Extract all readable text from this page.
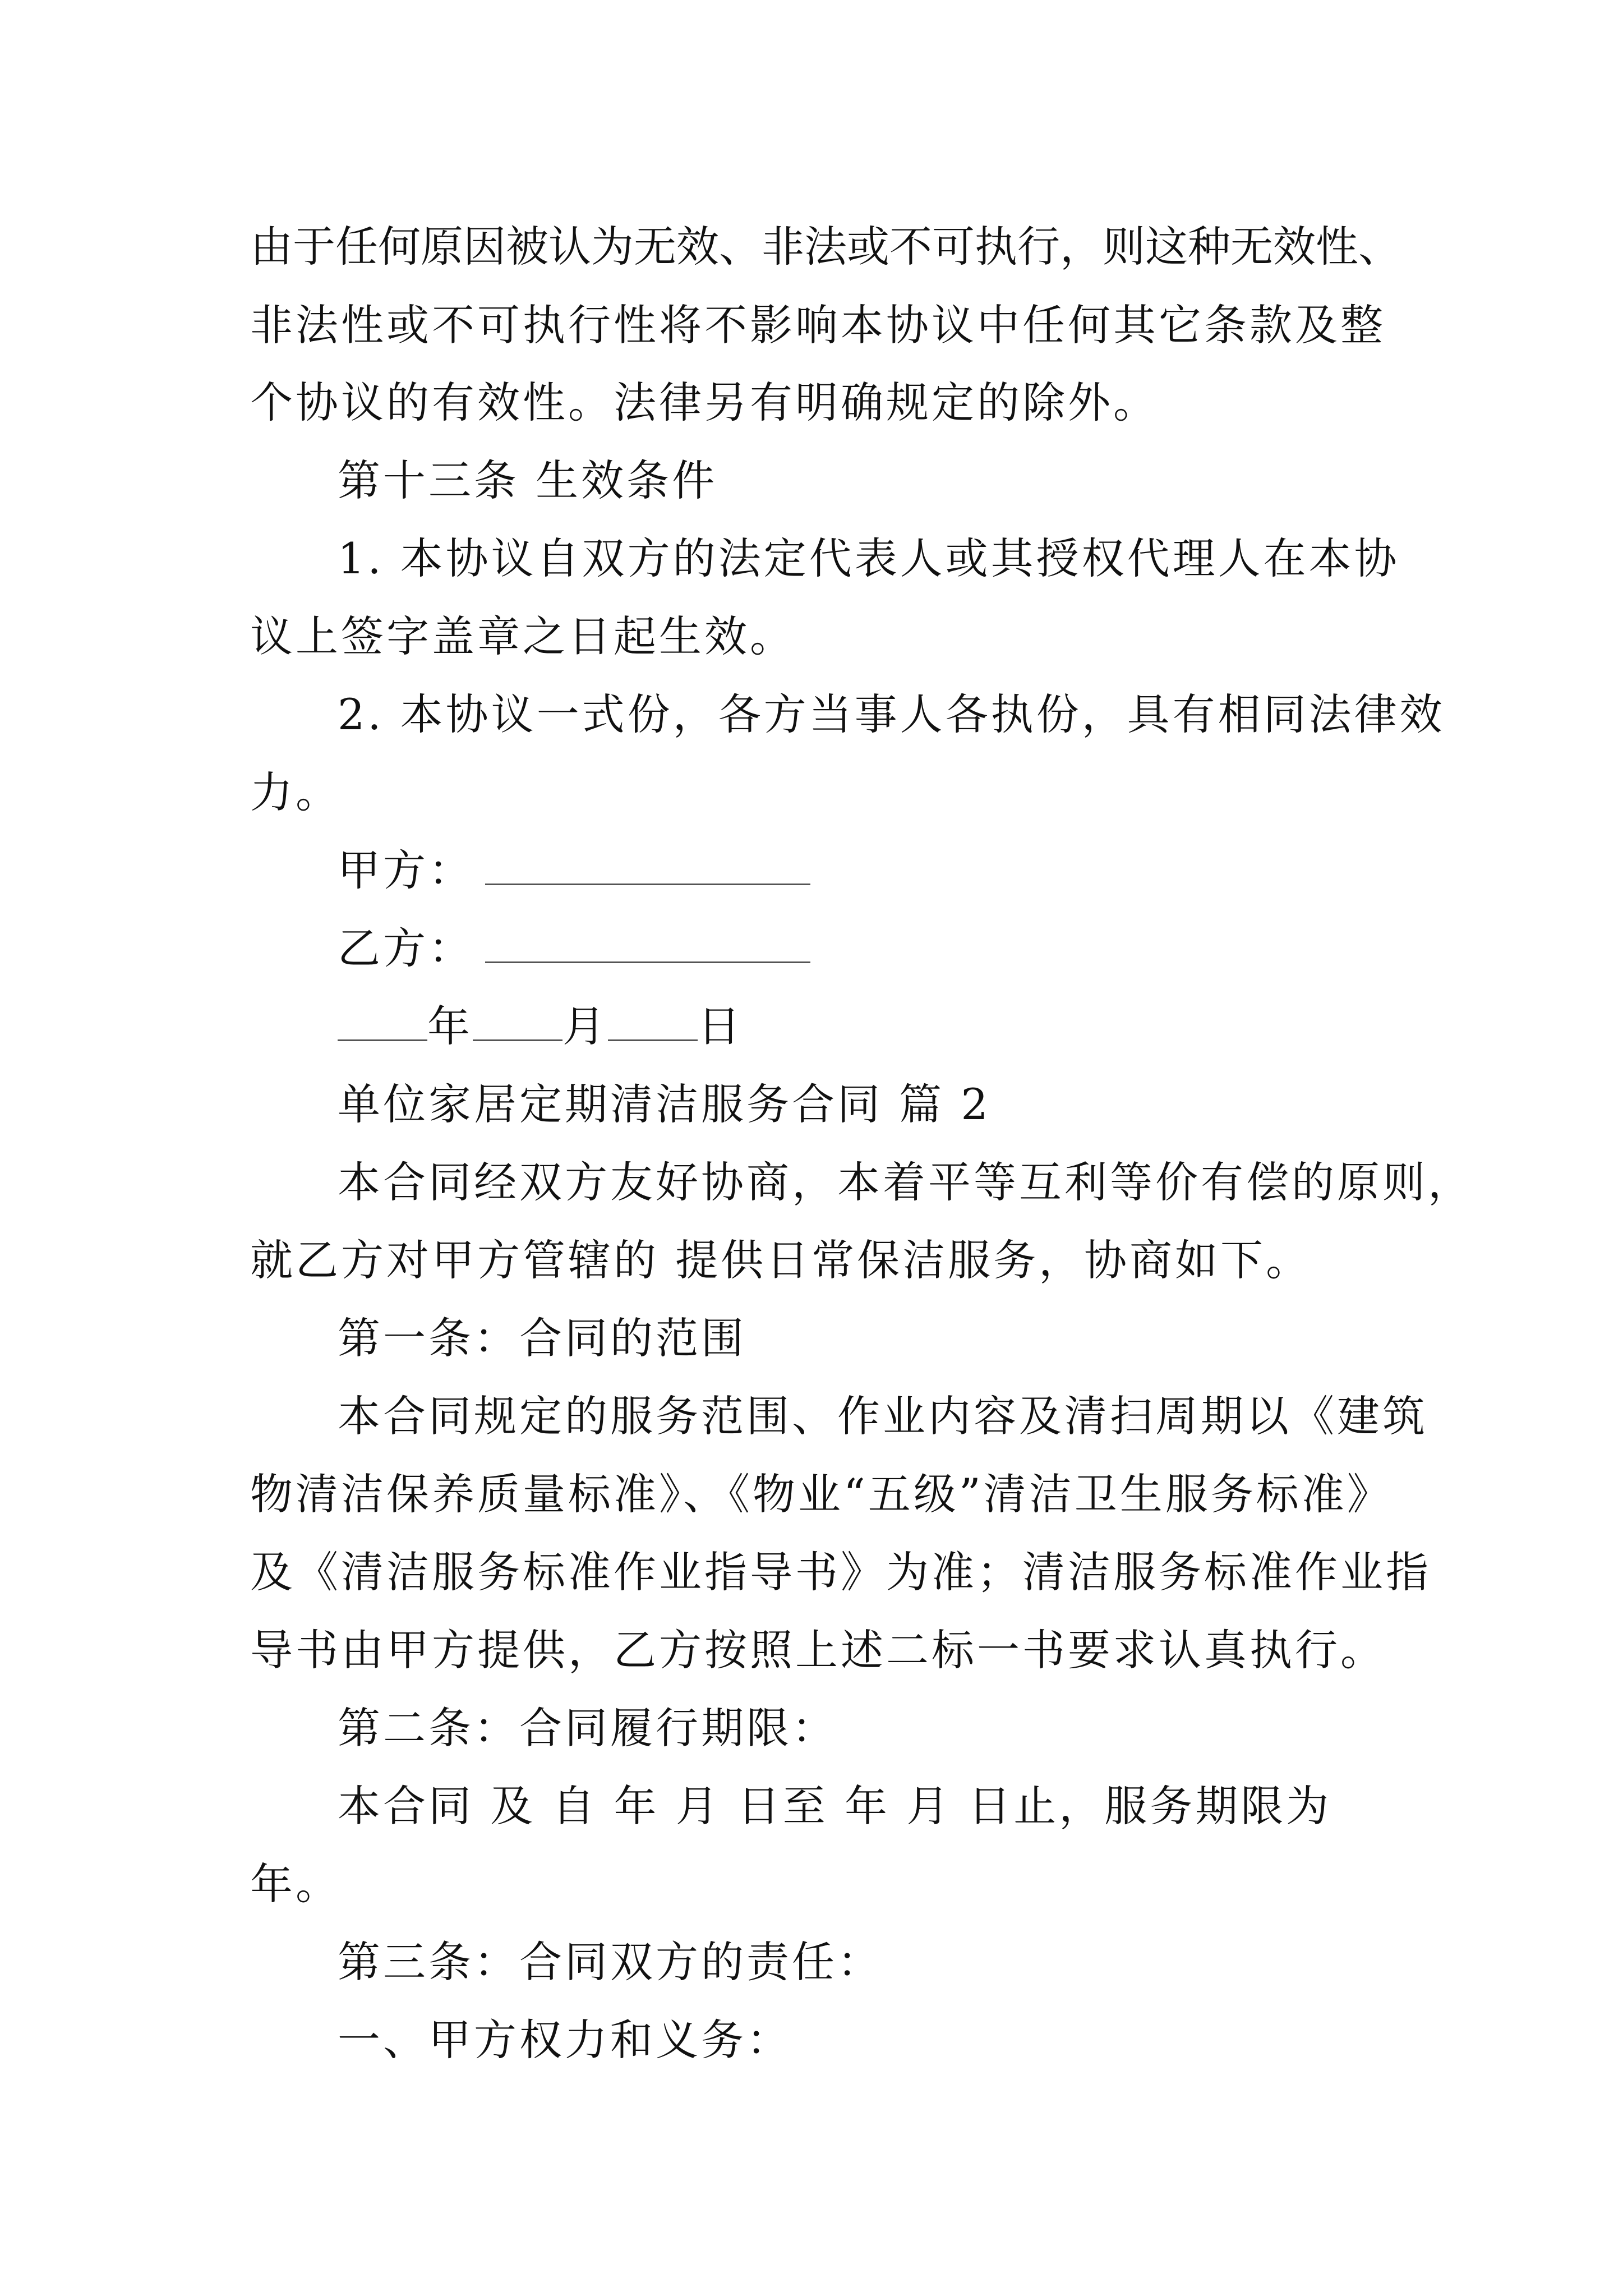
由于任何原因被认为无效、非法或不可执行，则这种无效性、
非法性或不可执行性将不影响本协议中任何其它条款及整
个协议的有效性。法律另有明确规定的除外。
第十三条 生效条件
1. 本协议自双方的法定代表人或其授权代理人在本协
议上签字盖章之日起生效。
2. 本协议一式份，各方当事人各执份，具有相同法律效
力。
甲方：
乙方：
年 月 日
单位家居定期清洁服务合同 篇 2
本合同经双方友好协商，本着平等互利等价有偿的原则，
就乙方对甲方管辖的 提供日常保洁服务，协商如下。
第一条：合同的范围
本合同规定的服务范围、作业内容及清扫周期以《建筑
物清洁保养质量标准》、《物业“五级”清洁卫生服务标准》
及《清洁服务标准作业指导书》为准；清洁服务标准作业指
导书由甲方提供，乙方按照上述二标一书要求认真执行。
第二条：合同履行期限：
本合同 及 自 年 月 日至 年 月 日止，服务期限为
年。
第三条：合同双方的责任：
一、甲方权力和义务：
